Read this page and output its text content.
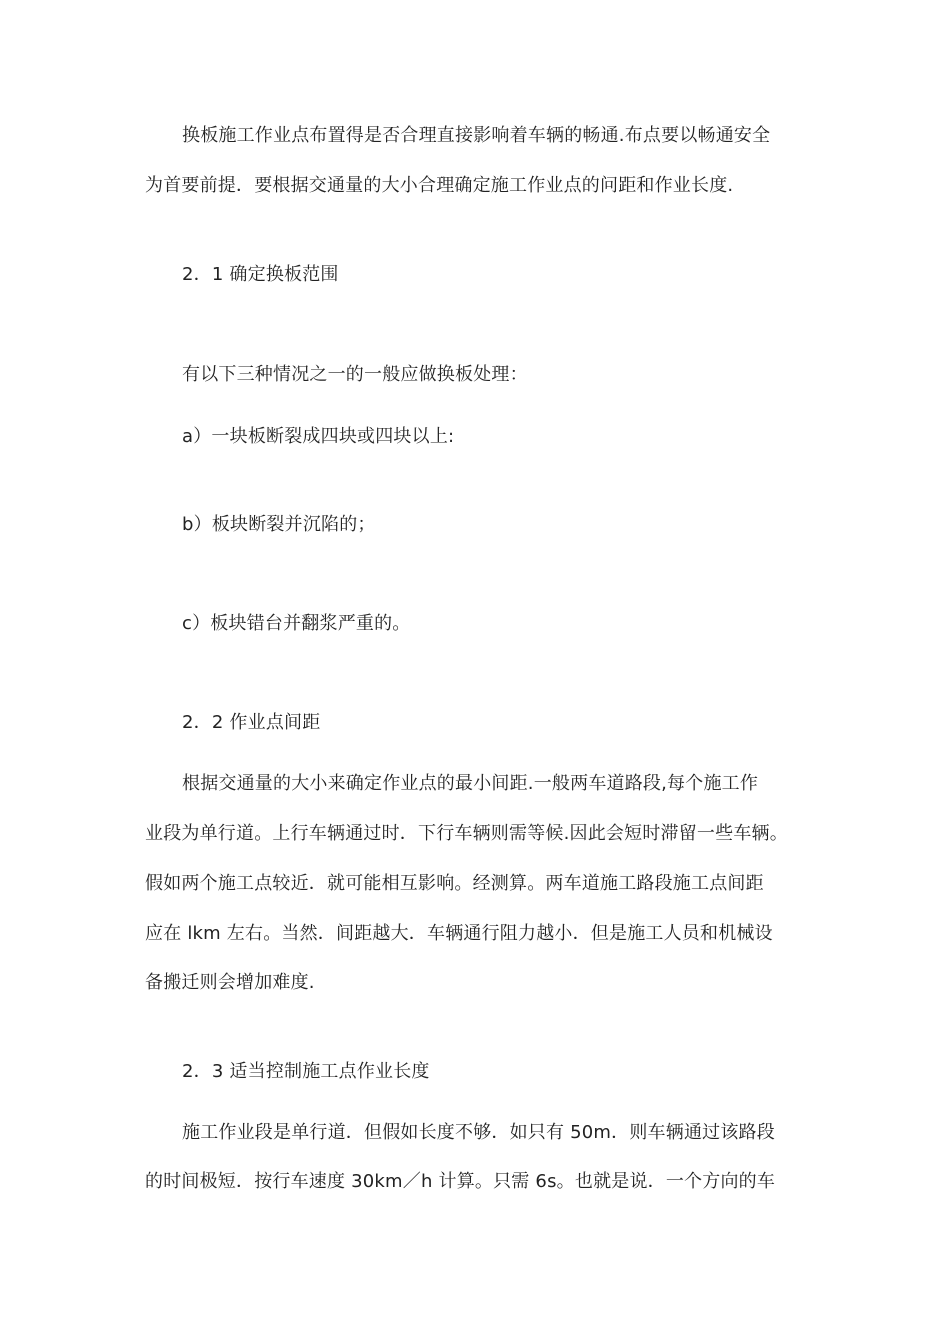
换板施工作业点布置得是否合理直接影响着车辆的畅通.布点要以畅通安全
为首要前提．要根据交通量的大小合理确定施工作业点的问距和作业长度.
2．1 确定换板范围
有以下三种情况之一的一般应做换板处理：
a）一块板断裂成四块或四块以上:
b）板块断裂并沉陷的；
c）板块错台并翻浆严重的。
2．2 作业点间距
根据交通量的大小来确定作业点的最小间距.一般两车道路段,每个施工作
业段为单行道。上行车辆通过时．下行车辆则需等候.因此会短时滞留一些车辆。
假如两个施工点较近．就可能相互影响。经测算。两车道施工路段施工点间距
应在 lkm 左右。当然．间距越大．车辆通行阻力越小．但是施工人员和机械设
备搬迁则会增加难度.
2．3 适当控制施工点作业长度
施工作业段是单行道．但假如长度不够．如只有 50m．则车辆通过该路段
的时间极短．按行车速度 30km／h 计算。只需 6s。也就是说．一个方向的车
